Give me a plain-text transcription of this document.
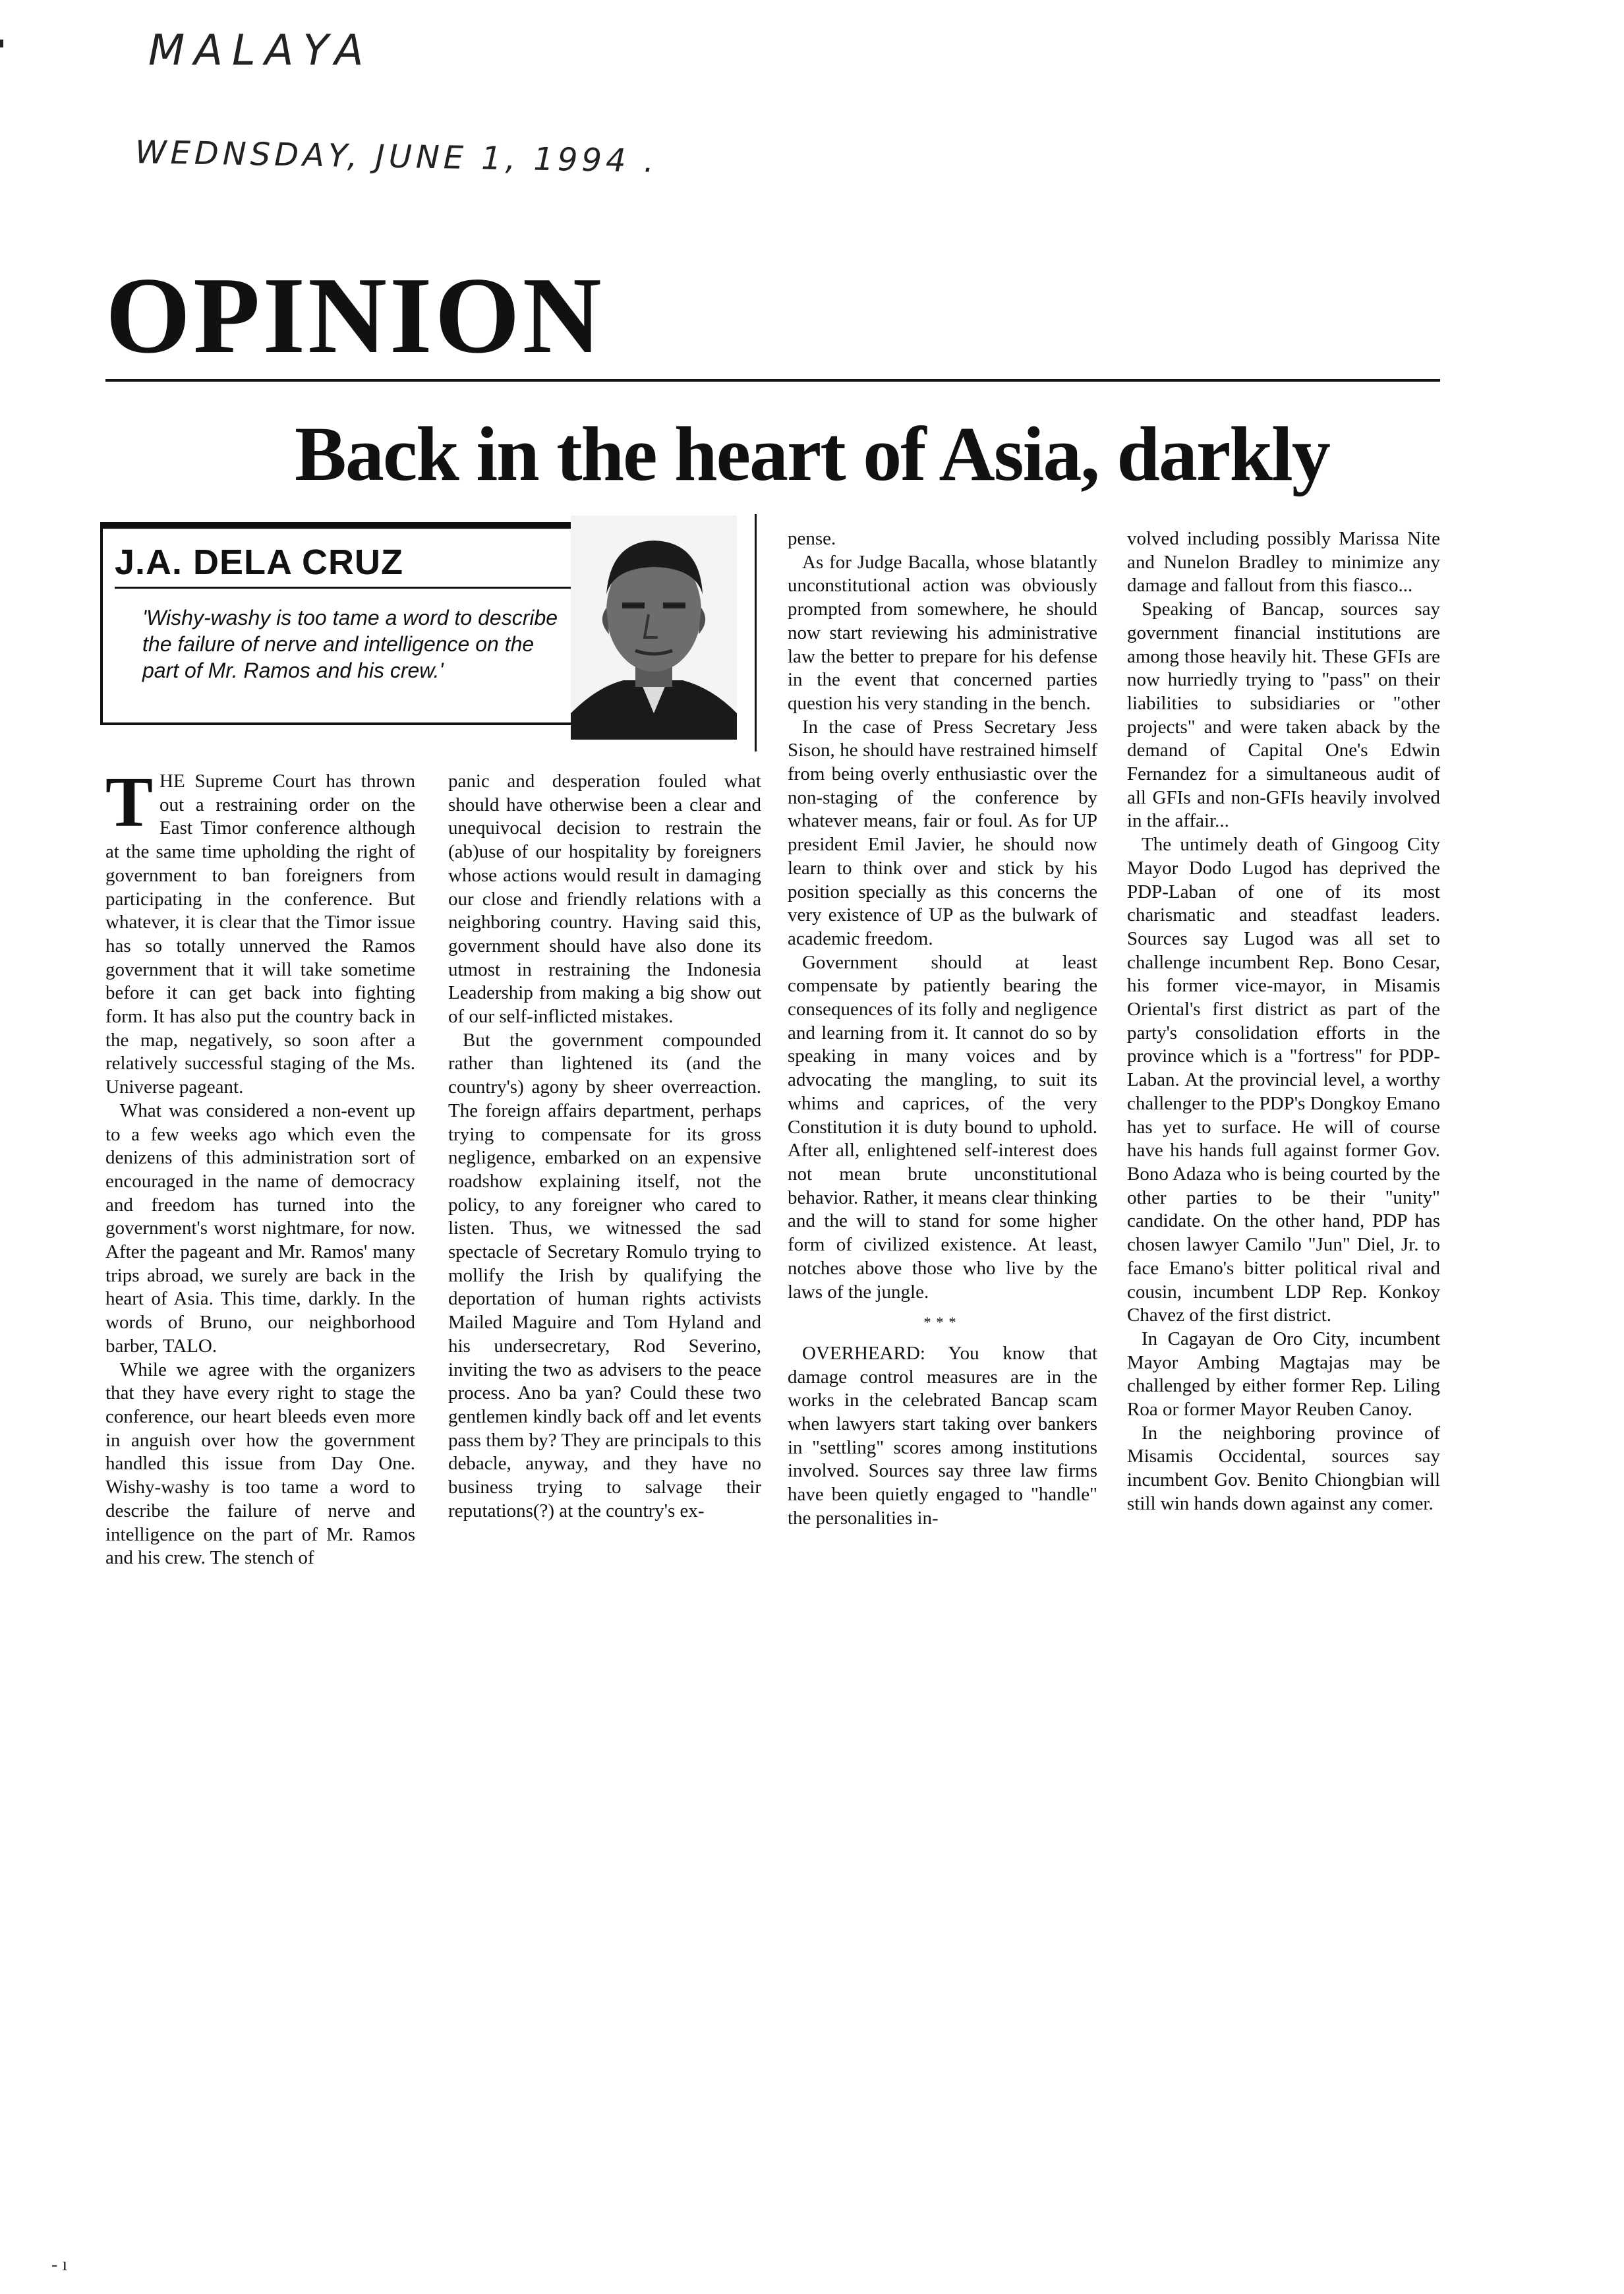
MALAYA
WEDNSDAY, JUNE 1, 1994 .
OPINION
Back in the heart of Asia, darkly
J.A. DELA CRUZ
'Wishy-washy is too tame a word to describe the failure of nerve and intelligence on the part of Mr. Ramos and his crew.'

THE Supreme Court has thrown out a restraining order on the East Timor conference although at the same time upholding the right of government to ban foreigners from participating in the conference. But whatever, it is clear that the Timor issue has so totally unnerved the Ramos government that it will take sometime before it can get back into fighting form. It has also put the country back in the map, negatively, so soon after a relatively successful staging of the Ms. Universe pageant.

What was considered a non-event up to a few weeks ago which even the denizens of this administration sort of encouraged in the name of democracy and freedom has turned into the government's worst nightmare, for now. After the pageant and Mr. Ramos' many trips abroad, we surely are back in the heart of Asia. This time, darkly. In the words of Bruno, our neighborhood barber, TALO.

While we agree with the organizers that they have every right to stage the conference, our heart bleeds even more in anguish over how the government handled this issue from Day One. Wishy-washy is too tame a word to describe the failure of nerve and intelligence on the part of Mr. Ramos and his crew. The stench of

panic and desperation fouled what should have otherwise been a clear and unequivocal decision to restrain the (ab)use of our hospitality by foreigners whose actions would result in damaging our close and friendly relations with a neighboring country. Having said this, government should have also done its utmost in restraining the Indonesia Leadership from making a big show out of our self-inflicted mistakes.

But the government compounded rather than lightened its (and the country's) agony by sheer overreaction. The foreign affairs department, perhaps trying to compensate for its gross negligence, embarked on an expensive roadshow explaining itself, not the policy, to any foreigner who cared to listen. Thus, we witnessed the sad spectacle of Secretary Romulo trying to mollify the Irish by qualifying the deportation of human rights activists Mailed Maguire and Tom Hyland and his undersecretary, Rod Severino, inviting the two as advisers to the peace process. Ano ba yan? Could these two gentlemen kindly back off and let events pass them by? They are principals to this debacle, anyway, and they have no business trying to salvage their reputations(?) at the country's ex-

pense.

As for Judge Bacalla, whose blatantly unconstitutional action was obviously prompted from somewhere, he should now start reviewing his administrative law the better to prepare for his defense in the event that concerned parties question his very standing in the bench.

In the case of Press Secretary Jess Sison, he should have restrained himself from being overly enthusiastic over the non-staging of the conference by whatever means, fair or foul. As for UP president Emil Javier, he should now learn to think over and stick by his position specially as this concerns the very existence of UP as the bulwark of academic freedom.

Government should at least compensate by patiently bearing the consequences of its folly and negligence and learning from it. It cannot do so by speaking in many voices and by advocating the mangling, to suit its whims and caprices, of the very Constitution it is duty bound to uphold. After all, enlightened self-interest does not mean brute unconstitutional behavior. Rather, it means clear thinking and the will to stand for some higher form of civilized existence. At least, notches above those who live by the laws of the jungle.

***

OVERHEARD: You know that damage control measures are in the works in the celebrated Bancap scam when lawyers start taking over bankers in "settling" scores among institutions involved. Sources say three law firms have been quietly engaged to "handle" the personalities in-

volved including possibly Marissa Nite and Nunelon Bradley to minimize any damage and fallout from this fiasco...

Speaking of Bancap, sources say government financial institutions are among those heavily hit. These GFIs are now hurriedly trying to "pass" on their liabilities to subsidiaries or "other projects" and were taken aback by the demand of Capital One's Edwin Fernandez for a simultaneous audit of all GFIs and non-GFIs heavily involved in the affair...

The untimely death of Gingoog City Mayor Dodo Lugod has deprived the PDP-Laban of one of its most charismatic and steadfast leaders. Sources say Lugod was all set to challenge incumbent Rep. Bono Cesar, his former vice-mayor, in Misamis Oriental's first district as part of the party's consolidation efforts in the province which is a "fortress" for PDP-Laban. At the provincial level, a worthy challenger to the PDP's Dongkoy Emano has yet to surface. He will of course have his hands full against former Gov. Bono Adaza who is being courted by the other parties to be their "unity" candidate. On the other hand, PDP has chosen lawyer Camilo "Jun" Diel, Jr. to face Emano's bitter political rival and cousin, incumbent LDP Rep. Konkoy Chavez of the first district.

In Cagayan de Oro City, incumbent Mayor Ambing Magtajas may be challenged by either former Rep. Liling Roa or former Mayor Reuben Canoy.

In the neighboring province of Misamis Occidental, sources say incumbent Gov. Benito Chiongbian will still win hands down against any comer.

- ı
